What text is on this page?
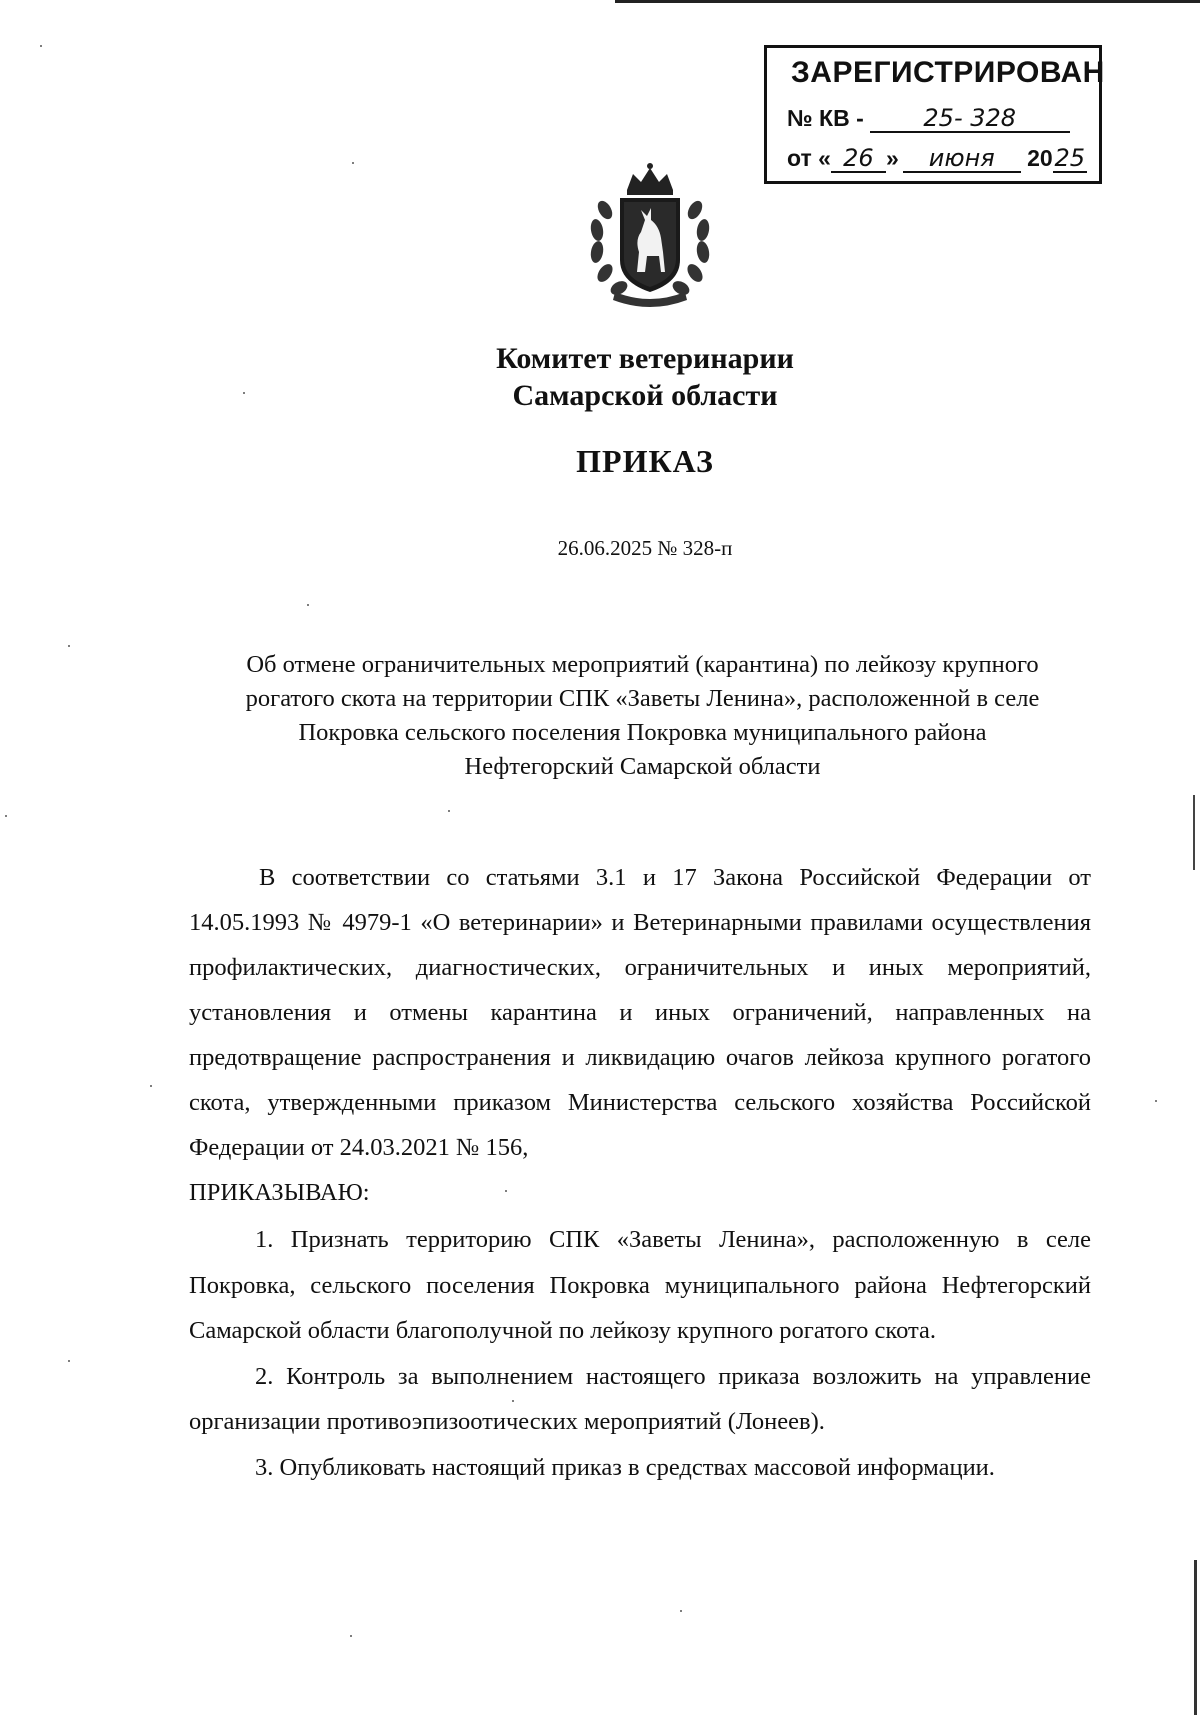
ЗАРЕГИСТРИРОВАН
№ КВ - 25- 328
от « 26 » июня 2025
Комитет ветеринарии
Самарской области
ПРИКАЗ
26.06.2025 № 328-п
Об отмене ограничительных мероприятий (карантина) по лейкозу крупного
рогатого скота на территории СПК «Заветы Ленина», расположенной в селе
Покровка сельского поселения Покровка муниципального района
Нефтегорский Самарской области

В соответствии со статьями 3.1 и 17 Закона Российской Федерации от 14.05.1993 № 4979-1 «О ветеринарии» и Ветеринарными правилами осуществления профилактических, диагностических, ограничительных и иных мероприятий, установления и отмены карантина и иных ограничений, направленных на предотвращение распространения и ликвидацию очагов лейкоза крупного рогатого скота, утвержденными приказом Министерства сельского хозяйства Российской Федерации от 24.03.2021 № 156,

ПРИКАЗЫВАЮ:

1. Признать территорию СПК «Заветы Ленина», расположенную в селе Покровка, сельского поселения Покровка муниципального района Нефтегорский Самарской области благополучной по лейкозу крупного рогатого скота.

2. Контроль за выполнением настоящего приказа возложить на управление организации противоэпизоотических мероприятий (Лонеев).

3. Опубликовать настоящий приказ в средствах массовой информации.
